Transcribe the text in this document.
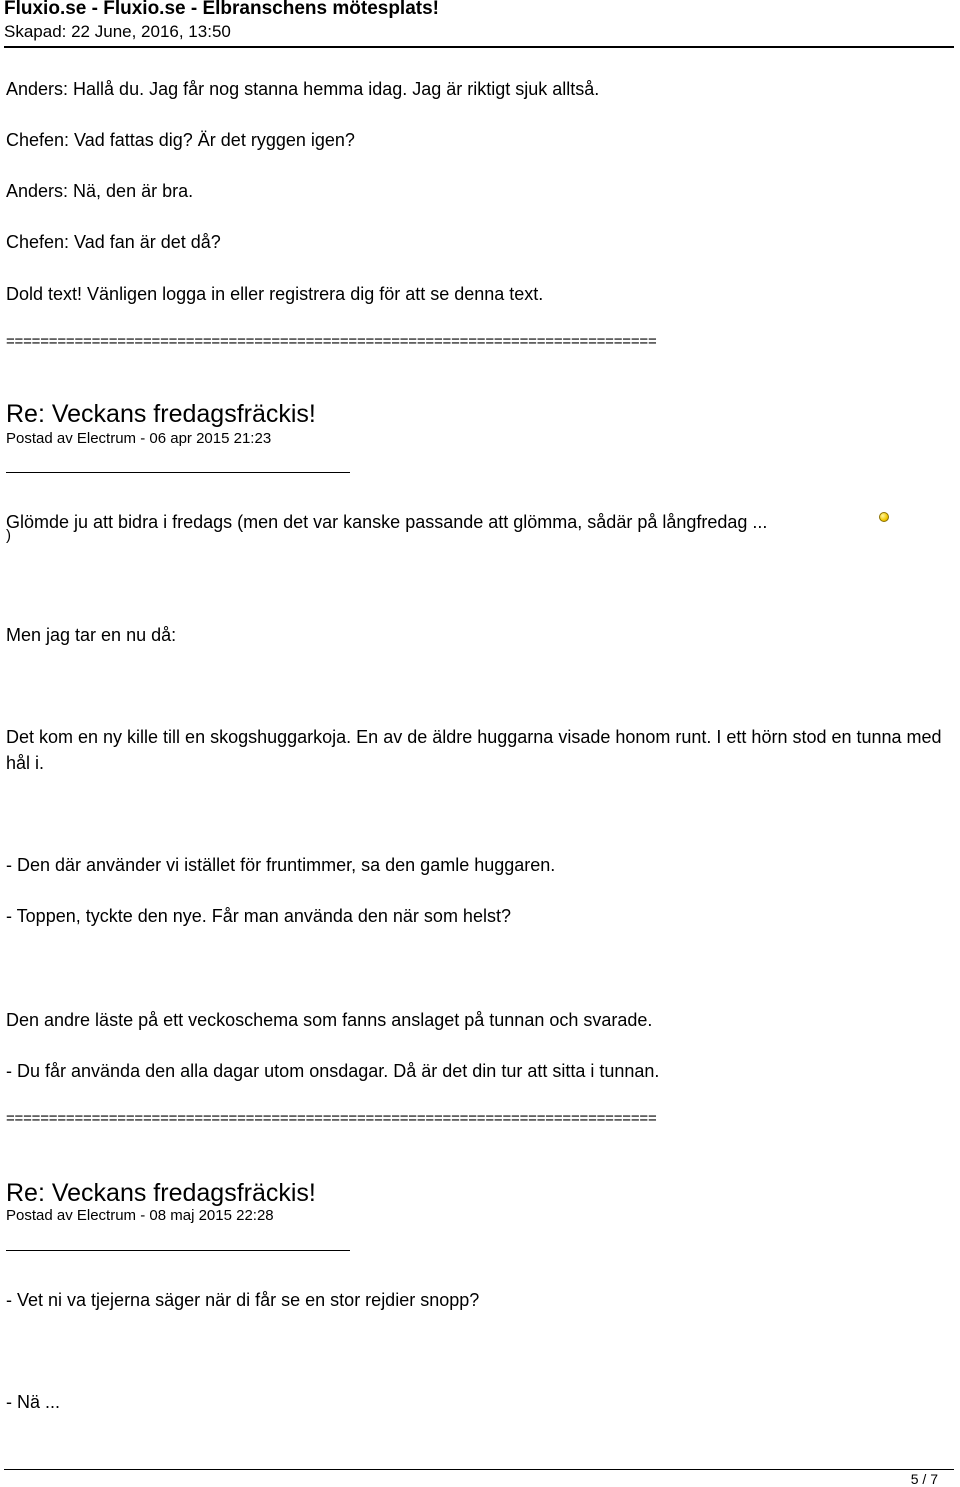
Fluxio.se - Fluxio.se - Elbranschens mötesplats!
Skapad: 22 June, 2016, 13:50
Anders: Hallå du. Jag får nog stanna hemma idag. Jag är riktigt sjuk alltså.
Chefen: Vad fattas dig? Är det ryggen igen?
Anders: Nä, den är bra.
Chefen: Vad fan är det då?
Dold text! Vänligen logga in eller registrera dig för att se denna text.
============================================================================
Re: Veckans fredagsfräckis!
Postad av Electrum - 06 apr 2015 21:23
Glömde ju att bidra i fredags (men det var kanske passande att glömma, sådär på långfredag ...
)
Men jag tar en nu då:
Det kom en ny kille till en skogshuggarkoja. En av de äldre huggarna visade honom runt. I ett hörn stod en tunna med hål i.
- Den där använder vi istället för fruntimmer, sa den gamle huggaren.
- Toppen, tyckte den nye. Får man använda den när som helst?
Den andre läste på ett veckoschema som fanns anslaget på tunnan och svarade.
- Du får använda den alla dagar utom onsdagar. Då är det din tur att sitta i tunnan.
============================================================================
Re: Veckans fredagsfräckis!
Postad av Electrum - 08 maj 2015 22:28
- Vet ni va tjejerna säger när di får se en stor rejdier snopp?
- Nä ...
5 / 7
